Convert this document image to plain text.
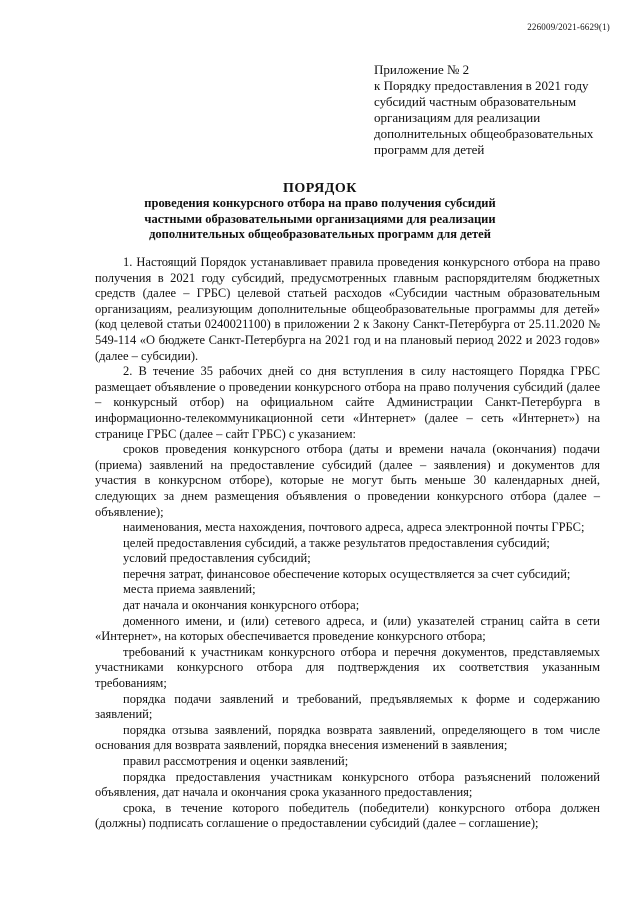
226009/2021-6629(1)
Приложение № 2
к Порядку предоставления в 2021 году
субсидий частным образовательным
организациям для реализации
дополнительных общеобразовательных
программ для детей
ПОРЯДОК
проведения конкурсного отбора на право получения субсидий
частными образовательными организациями для реализации
дополнительных общеобразовательных программ для детей

1. Настоящий Порядок устанавливает правила проведения конкурсного отбора на право получения в 2021 году субсидий, предусмотренных главным распорядителям бюджетных средств (далее – ГРБС) целевой статьей расходов «Субсидии частным образовательным организациям, реализующим дополнительные общеобразовательные программы для детей» (код целевой статьи 0240021100) в приложении 2 к Закону Санкт-Петербурга от 25.11.2020 № 549-114 «О бюджете Санкт-Петербурга на 2021 год и на плановый период 2022 и 2023 годов» (далее – субсидии).

2. В течение 35 рабочих дней со дня вступления в силу настоящего Порядка ГРБС размещает объявление о проведении конкурсного отбора на право получения субсидий (далее – конкурсный отбор) на официальном сайте Администрации Санкт-Петербурга в информационно-телекоммуникационной сети «Интернет» (далее – сеть «Интернет») на странице ГРБС (далее – сайт ГРБС) с указанием:

сроков проведения конкурсного отбора (даты и времени начала (окончания) подачи (приема) заявлений на предоставление субсидий (далее – заявления) и документов для участия в конкурсном отборе), которые не могут быть меньше 30 календарных дней, следующих за днем размещения объявления о проведении конкурсного отбора (далее – объявление);

наименования, места нахождения, почтового адреса, адреса электронной почты ГРБС;

целей предоставления субсидий, а также результатов предоставления субсидий;

условий предоставления субсидий;

перечня затрат, финансовое обеспечение которых осуществляется за счет субсидий;

места приема заявлений;

дат начала и окончания конкурсного отбора;

доменного имени, и (или) сетевого адреса, и (или) указателей страниц сайта в сети «Интернет», на которых обеспечивается проведение конкурсного отбора;

требований к участникам конкурсного отбора и перечня документов, представляемых участниками конкурсного отбора для подтверждения их соответствия указанным требованиям;

порядка подачи заявлений и требований, предъявляемых к форме и содержанию заявлений;

порядка отзыва заявлений, порядка возврата заявлений, определяющего в том числе основания для возврата заявлений, порядка внесения изменений в заявления;

правил рассмотрения и оценки заявлений;

порядка предоставления участникам конкурсного отбора разъяснений положений объявления, дат начала и окончания срока указанного предоставления;

срока, в течение которого победитель (победители) конкурсного отбора должен (должны) подписать соглашение о предоставлении субсидий (далее – соглашение);
